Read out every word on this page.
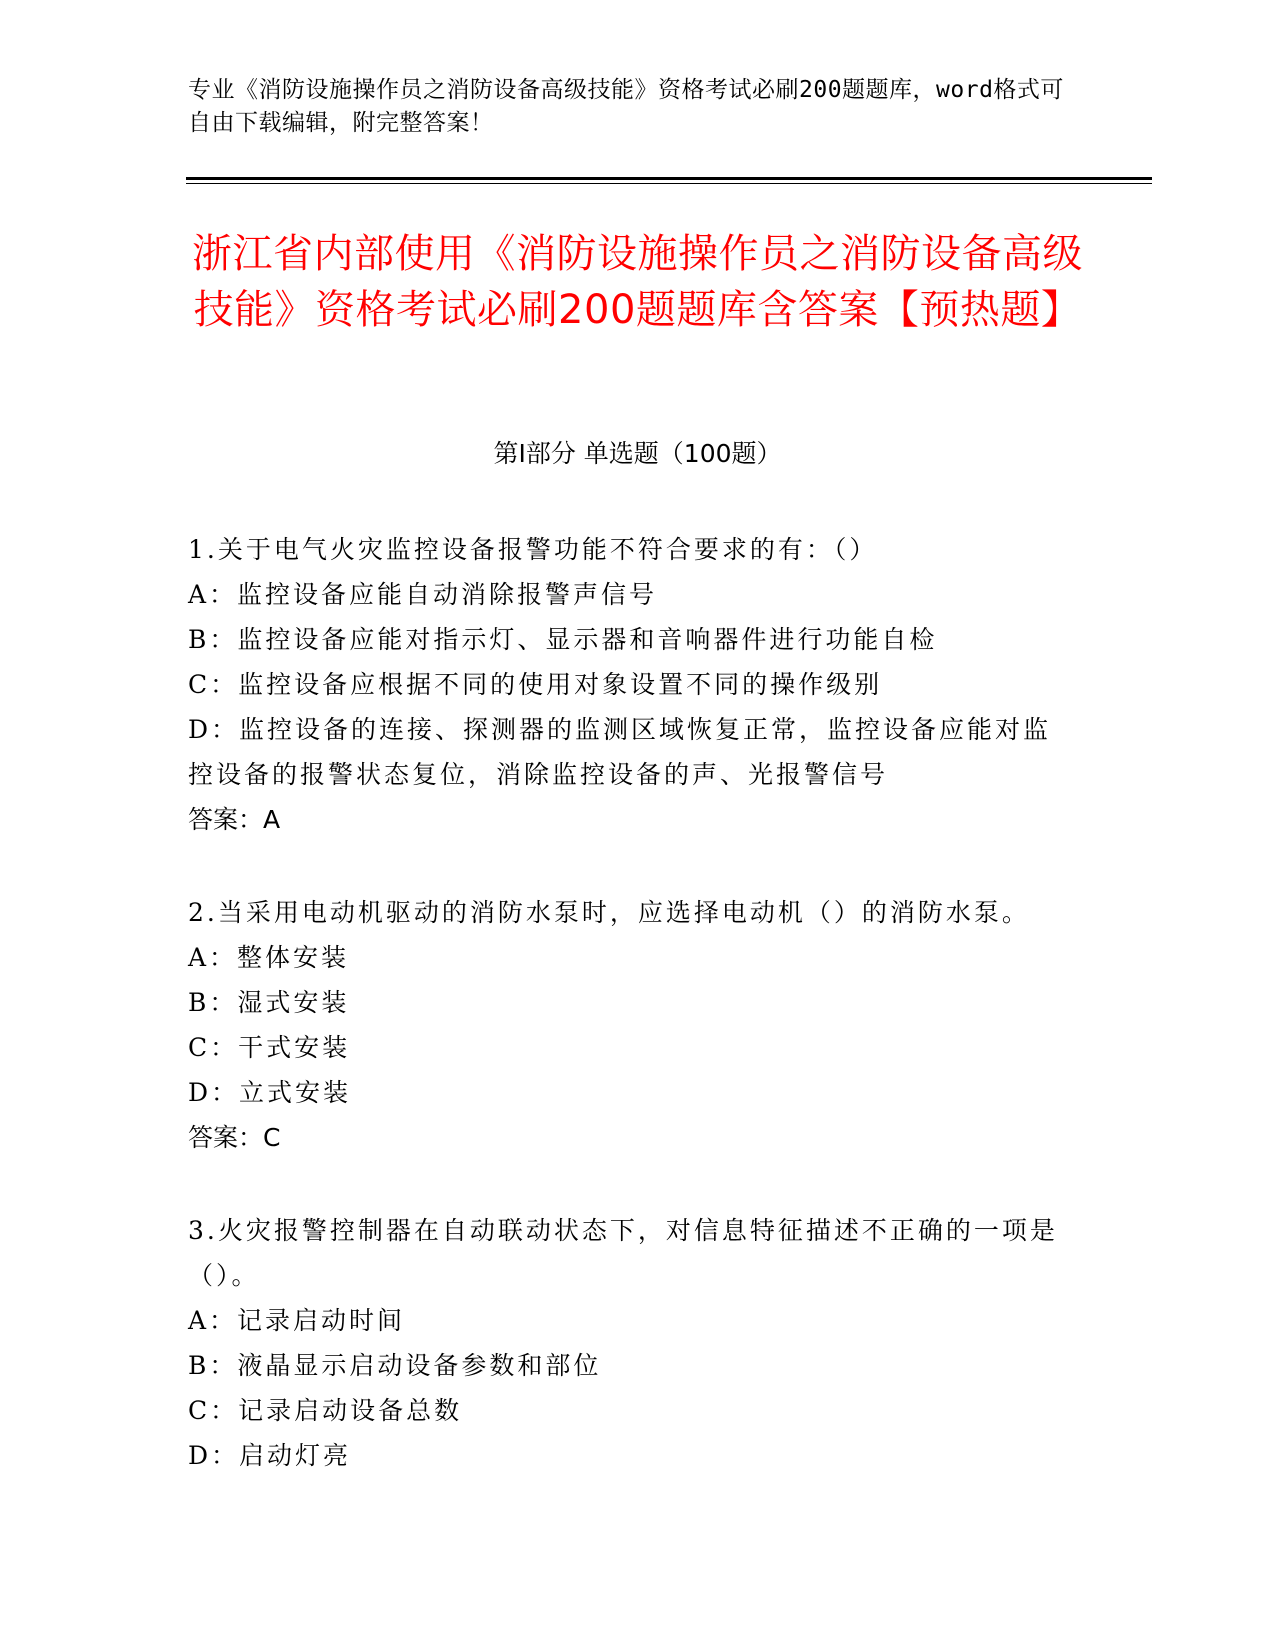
专业《消防设施操作员之消防设备高级技能》资格考试必刷200题题库，word格式可自由下载编辑，附完整答案！
浙江省内部使用《消防设施操作员之消防设备高级技能》资格考试必刷200题题库含答案【预热题】
第Ⅰ部分 单选题（100题）
1.关于电气火灾监控设备报警功能不符合要求的有：（）
A：监控设备应能自动消除报警声信号
B：监控设备应能对指示灯、显示器和音响器件进行功能自检
C：监控设备应根据不同的使用对象设置不同的操作级别
D：监控设备的连接、探测器的监测区域恢复正常，监控设备应能对监控设备的报警状态复位，消除监控设备的声、光报警信号
答案：A
2.当采用电动机驱动的消防水泵时，应选择电动机（）的消防水泵。
A：整体安装
B：湿式安装
C：干式安装
D：立式安装
答案：C
3.火灾报警控制器在自动联动状态下，对信息特征描述不正确的一项是（）。
A：记录启动时间
B：液晶显示启动设备参数和部位
C：记录启动设备总数
D：启动灯亮
